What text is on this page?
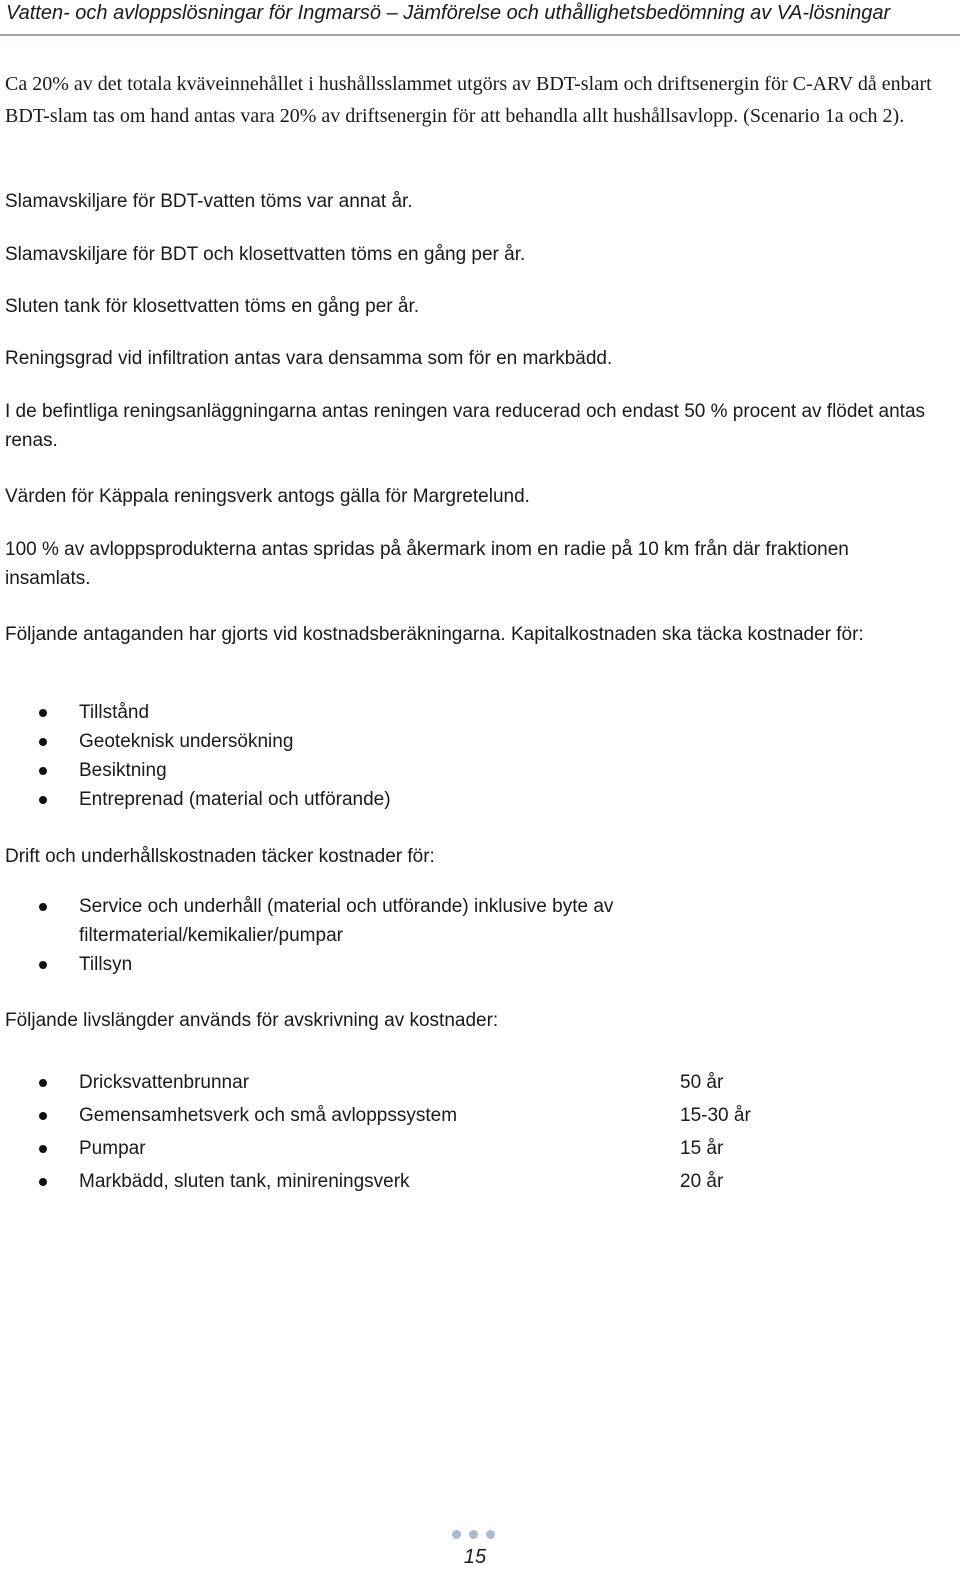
Vatten- och avloppslösningar för Ingmarsö – Jämförelse och uthållighetsbedömning av VA-lösningar

Ca 20% av det totala kväveinnehållet i hushållsslammet utgörs av BDT-slam och driftsenergin för C-ARV då enbart BDT-slam tas om hand antas vara 20% av driftsenergin för att behandla allt hushållsavlopp. (Scenario 1a och 2).

Slamavskiljare för BDT-vatten töms var annat år.

Slamavskiljare för BDT och klosettvatten töms en gång per år.

Sluten tank för klosettvatten töms en gång per år.

Reningsgrad vid infiltration antas vara densamma som för en markbädd.

I de befintliga reningsanläggningarna antas reningen vara reducerad och endast 50 % procent av flödet antas renas.

Värden för Käppala reningsverk antogs gälla för Margretelund.

100 % av avloppsprodukterna antas spridas på åkermark inom en radie på 10 km från där fraktionen insamlats.

Följande antaganden har gjorts vid kostnadsberäkningarna. Kapitalkostnaden ska täcka kostnader för:

Tillstånd
Geoteknisk undersökning
Besiktning
Entreprenad (material och utförande)

Drift och underhållskostnaden täcker kostnader för:

Service och underhåll (material och utförande) inklusive byte av filtermaterial/kemikalier/pumpar
Tillsyn

Följande livslängder används för avskrivning av kostnader:

Dricksvattenbrunnar	50 år
Gemensamhetsverk och små avloppssystem	15-30 år
Pumpar	15 år
Markbädd, sluten tank, minireningsverk	20 år
15
